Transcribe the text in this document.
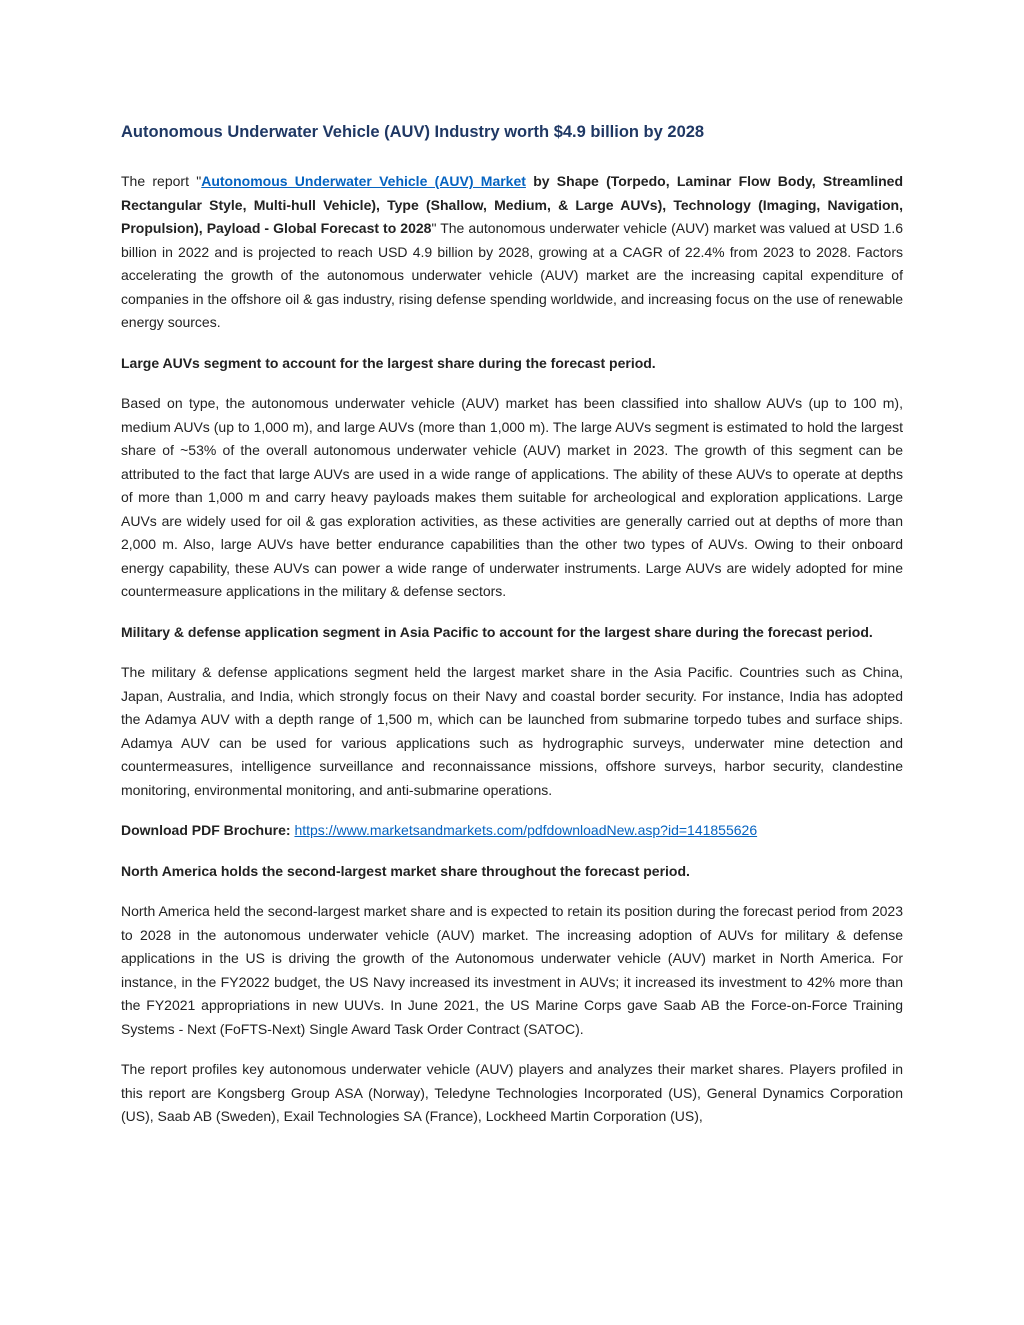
Autonomous Underwater Vehicle (AUV) Industry worth $4.9 billion by 2028

The report "Autonomous Underwater Vehicle (AUV) Market by Shape (Torpedo, Laminar Flow Body, Streamlined Rectangular Style, Multi-hull Vehicle), Type (Shallow, Medium, & Large AUVs), Technology (Imaging, Navigation, Propulsion), Payload - Global Forecast to 2028" The autonomous underwater vehicle (AUV) market was valued at USD 1.6 billion in 2022 and is projected to reach USD 4.9 billion by 2028, growing at a CAGR of 22.4% from 2023 to 2028. Factors accelerating the growth of the autonomous underwater vehicle (AUV) market are the increasing capital expenditure of companies in the offshore oil & gas industry, rising defense spending worldwide, and increasing focus on the use of renewable energy sources.

Large AUVs segment to account for the largest share during the forecast period.

Based on type, the autonomous underwater vehicle (AUV) market has been classified into shallow AUVs (up to 100 m), medium AUVs (up to 1,000 m), and large AUVs (more than 1,000 m). The large AUVs segment is estimated to hold the largest share of ~53% of the overall autonomous underwater vehicle (AUV) market in 2023. The growth of this segment can be attributed to the fact that large AUVs are used in a wide range of applications. The ability of these AUVs to operate at depths of more than 1,000 m and carry heavy payloads makes them suitable for archeological and exploration applications. Large AUVs are widely used for oil & gas exploration activities, as these activities are generally carried out at depths of more than 2,000 m. Also, large AUVs have better endurance capabilities than the other two types of AUVs. Owing to their onboard energy capability, these AUVs can power a wide range of underwater instruments. Large AUVs are widely adopted for mine countermeasure applications in the military & defense sectors.

Military & defense application segment in Asia Pacific to account for the largest share during the forecast period.

The military & defense applications segment held the largest market share in the Asia Pacific. Countries such as China, Japan, Australia, and India, which strongly focus on their Navy and coastal border security. For instance, India has adopted the Adamya AUV with a depth range of 1,500 m, which can be launched from submarine torpedo tubes and surface ships. Adamya AUV can be used for various applications such as hydrographic surveys, underwater mine detection and countermeasures, intelligence surveillance and reconnaissance missions, offshore surveys, harbor security, clandestine monitoring, environmental monitoring, and anti-submarine operations.

Download PDF Brochure: https://www.marketsandmarkets.com/pdfdownloadNew.asp?id=141855626

North America holds the second-largest market share throughout the forecast period.

North America held the second-largest market share and is expected to retain its position during the forecast period from 2023 to 2028 in the autonomous underwater vehicle (AUV) market. The increasing adoption of AUVs for military & defense applications in the US is driving the growth of the Autonomous underwater vehicle (AUV) market in North America. For instance, in the FY2022 budget, the US Navy increased its investment in AUVs; it increased its investment to 42% more than the FY2021 appropriations in new UUVs. In June 2021, the US Marine Corps gave Saab AB the Force-on-Force Training Systems - Next (FoFTS-Next) Single Award Task Order Contract (SATOC).

The report profiles key autonomous underwater vehicle (AUV) players and analyzes their market shares. Players profiled in this report are Kongsberg Group ASA (Norway), Teledyne Technologies Incorporated (US), General Dynamics Corporation (US), Saab AB (Sweden), Exail Technologies SA (France), Lockheed Martin Corporation (US),
